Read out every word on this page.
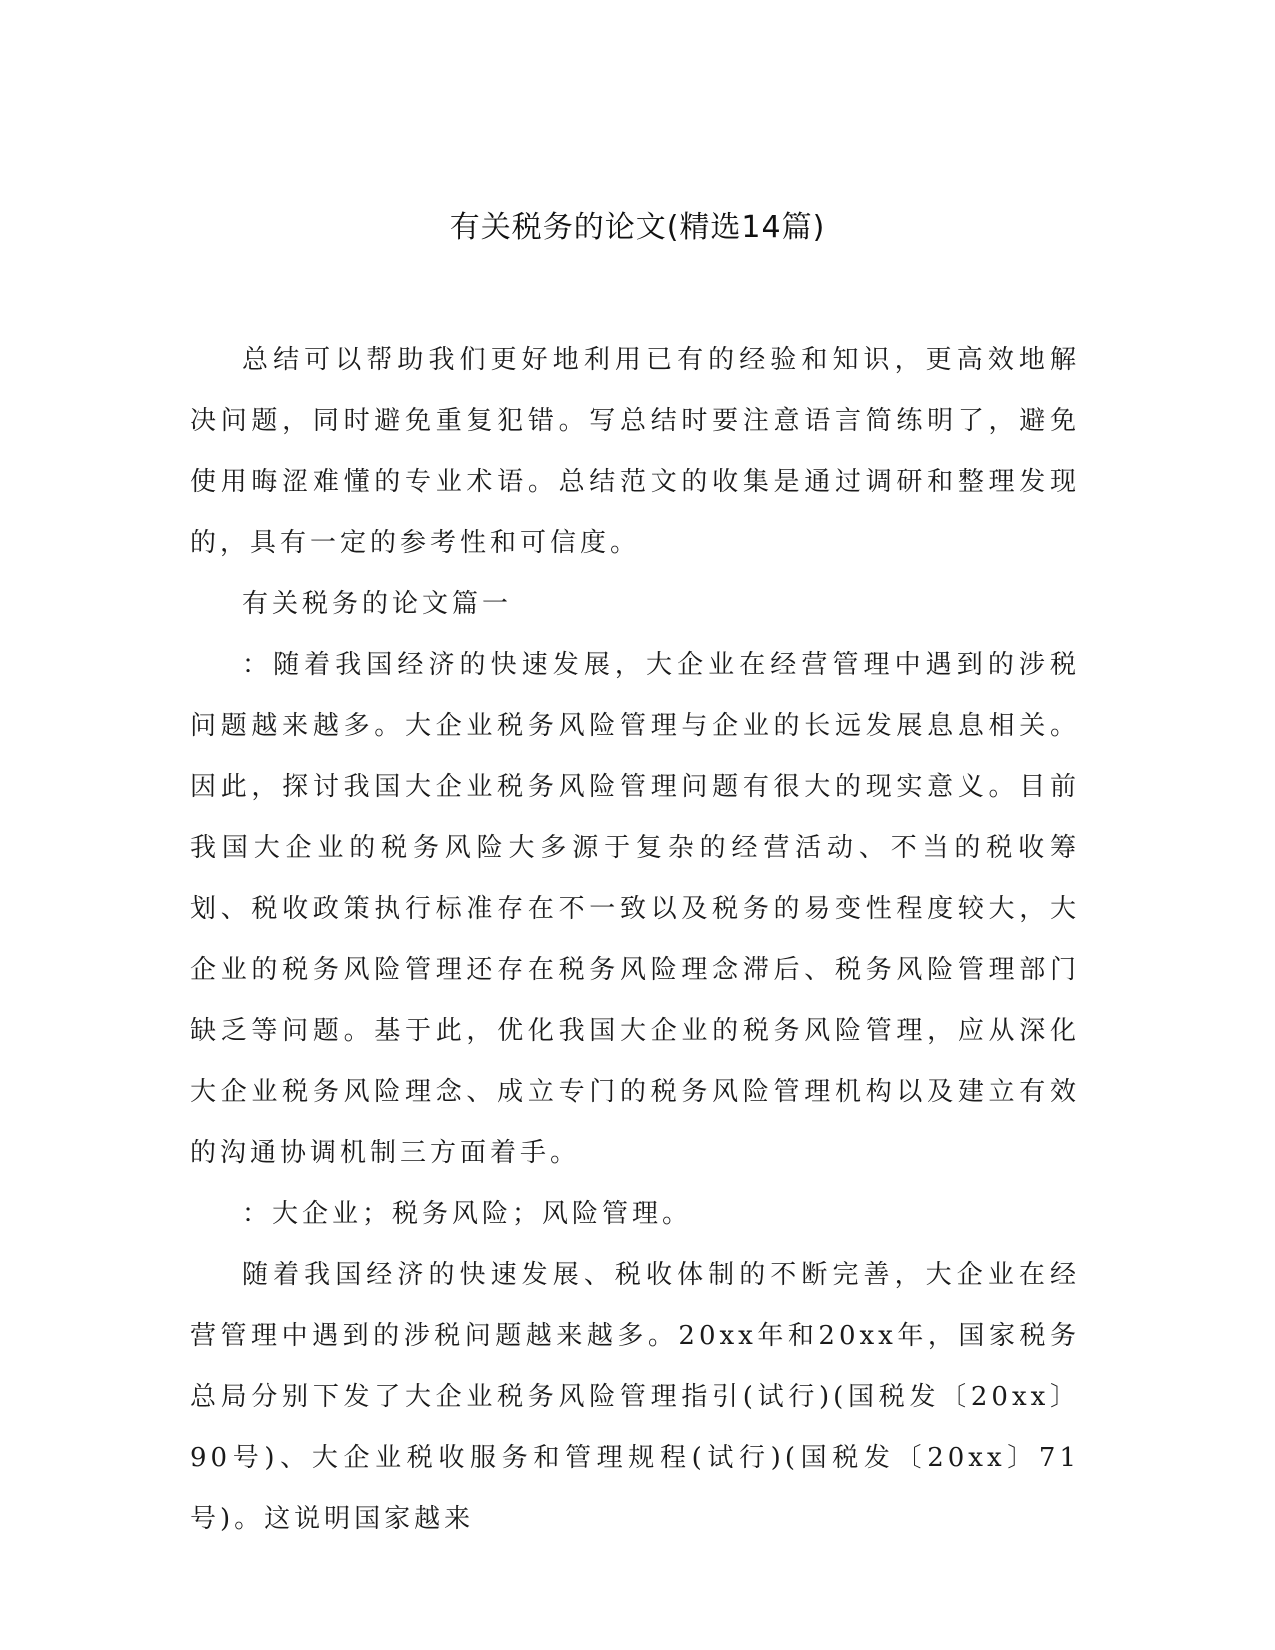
有关税务的论文(精选14篇)

总结可以帮助我们更好地利用已有的经验和知识，更高效地解决问题，同时避免重复犯错。写总结时要注意语言简练明了，避免使用晦涩难懂的专业术语。总结范文的收集是通过调研和整理发现的，具有一定的参考性和可信度。

有关税务的论文篇一

：随着我国经济的快速发展，大企业在经营管理中遇到的涉税问题越来越多。大企业税务风险管理与企业的长远发展息息相关。因此，探讨我国大企业税务风险管理问题有很大的现实意义。目前我国大企业的税务风险大多源于复杂的经营活动、不当的税收筹划、税收政策执行标准存在不一致以及税务的易变性程度较大，大企业的税务风险管理还存在税务风险理念滞后、税务风险管理部门缺乏等问题。基于此，优化我国大企业的税务风险管理，应从深化大企业税务风险理念、成立专门的税务风险管理机构以及建立有效的沟通协调机制三方面着手。

：大企业；税务风险；风险管理。

随着我国经济的快速发展、税收体制的不断完善，大企业在经营管理中遇到的涉税问题越来越多。20xx年和20xx年，国家税务总局分别下发了大企业税务风险管理指引(试行)(国税发〔20xx〕90号)、大企业税收服务和管理规程(试行)(国税发〔20xx〕71号)。这说明国家越来
